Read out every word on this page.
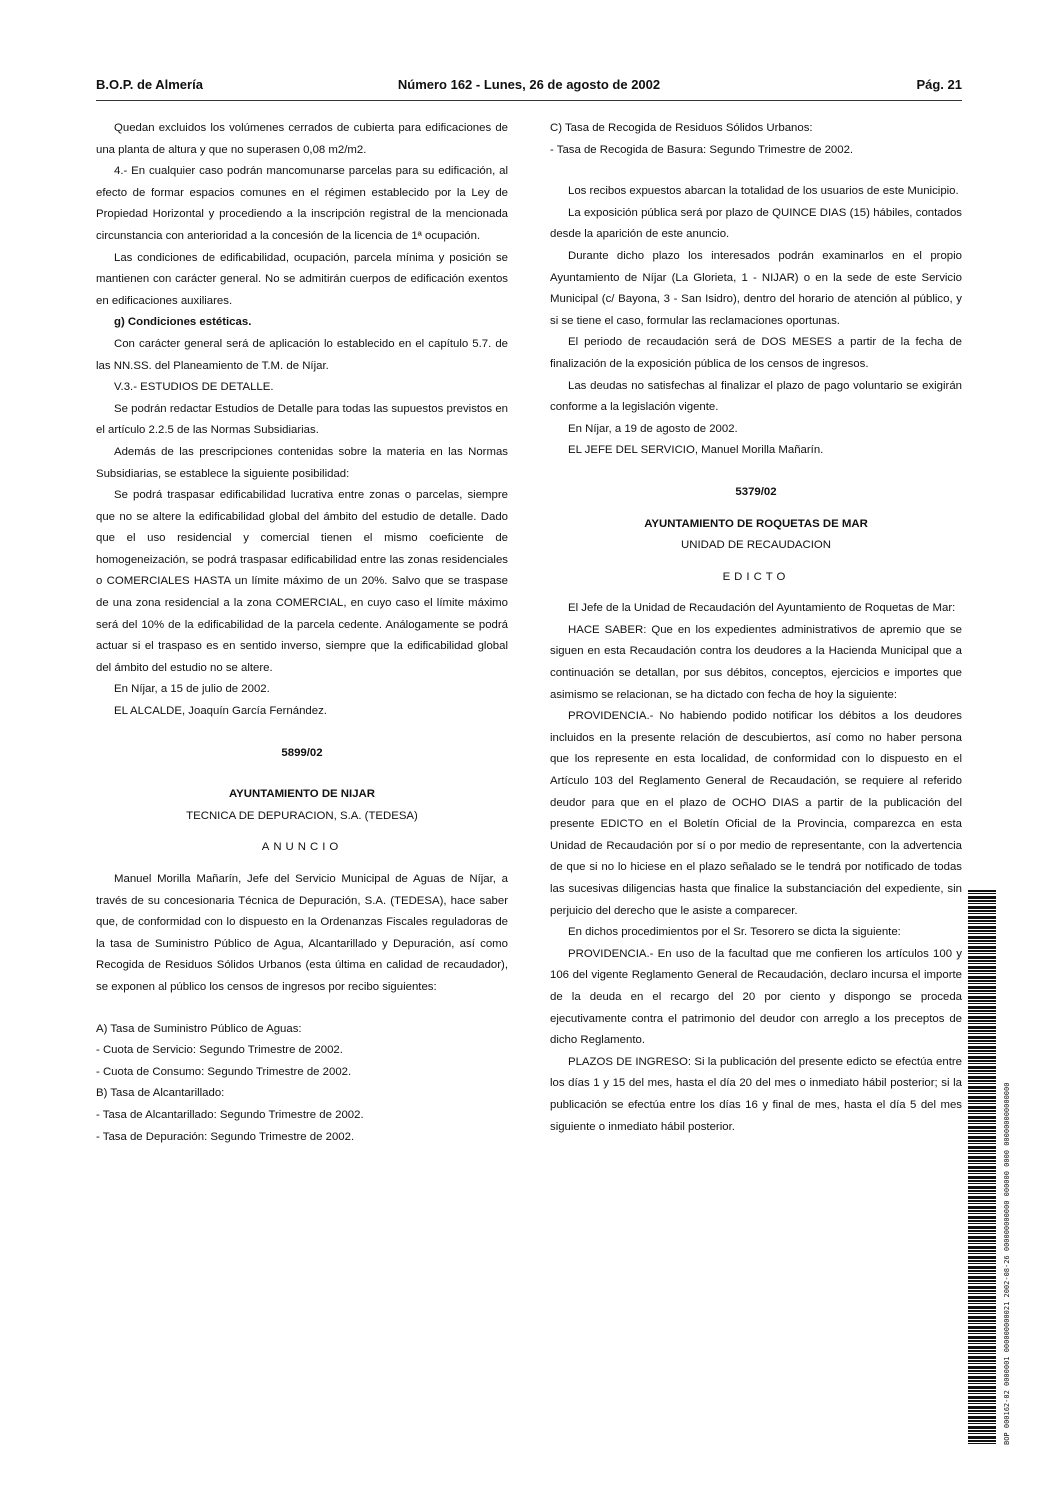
B.O.P. de Almería	Número 162 - Lunes, 26 de agosto de 2002	Pág. 21

Quedan excluidos los volúmenes cerrados de cubierta para edificaciones de una planta de altura y que no superasen 0,08 m2/m2.

4.- En cualquier caso podrán mancomunarse parcelas para su edificación, al efecto de formar espacios comunes en el régimen establecido por la Ley de Propiedad Horizontal y procediendo a la inscripción registral de la mencionada circunstancia con anterioridad a la concesión de la licencia de 1ª ocupación.

Las condiciones de edificabilidad, ocupación, parcela mínima y posición se mantienen con carácter general. No se admitirán cuerpos de edificación exentos en edificaciones auxiliares.

g) Condiciones estéticas.

Con carácter general será de aplicación lo establecido en el capítulo 5.7. de las NN.SS. del Planeamiento de T.M. de Níjar.

V.3.- ESTUDIOS DE DETALLE.

Se podrán redactar Estudios de Detalle para todas las supuestos previstos en el artículo 2.2.5 de las Normas Subsidiarias.

Además de las prescripciones contenidas sobre la materia en las Normas Subsidiarias, se establece la siguiente posibilidad:

Se podrá traspasar edificabilidad lucrativa entre zonas o parcelas, siempre que no se altere la edificabilidad global del ámbito del estudio de detalle. Dado que el uso residencial y comercial tienen el mismo coeficiente de homogeneización, se podrá traspasar edificabilidad entre las zonas residenciales o COMERCIALES HASTA un límite máximo de un 20%. Salvo que se traspase de una zona residencial a la zona COMERCIAL, en cuyo caso el límite máximo será del 10% de la edificabilidad de la parcela cedente. Análogamente se podrá actuar si el traspaso es en sentido inverso, siempre que la edificabilidad global del ámbito del estudio no se altere.

En Níjar, a 15 de julio de 2002.

EL ALCALDE, Joaquín García Fernández.

5899/02

AYUNTAMIENTO DE NIJAR

TECNICA DE DEPURACION, S.A. (TEDESA)

ANUNCIO

Manuel Morilla Mañarín, Jefe del Servicio Municipal de Aguas de Níjar, a través de su concesionaria Técnica de Depuración, S.A. (TEDESA), hace saber que, de conformidad con lo dispuesto en la Ordenanzas Fiscales reguladoras de la tasa de Suministro Público de Agua, Alcantarillado y Depuración, así como Recogida de Residuos Sólidos Urbanos (esta última en calidad de recaudador), se exponen al público los censos de ingresos por recibo siguientes:

A) Tasa de Suministro Público de Aguas:

- Cuota de Servicio: Segundo Trimestre de 2002.

- Cuota de Consumo: Segundo Trimestre de 2002.

B) Tasa de Alcantarillado:

- Tasa de Alcantarillado: Segundo Trimestre de 2002.

- Tasa de Depuración: Segundo Trimestre de 2002.

C) Tasa de Recogida de Residuos Sólidos Urbanos:

- Tasa de Recogida de Basura: Segundo Trimestre de 2002.

Los recibos expuestos abarcan la totalidad de los usuarios de este Municipio.

La exposición pública será por plazo de QUINCE DIAS (15) hábiles, contados desde la aparición de este anuncio.

Durante dicho plazo los interesados podrán examinarlos en el propio Ayuntamiento de Níjar (La Glorieta, 1 - NIJAR) o en la sede de este Servicio Municipal (c/ Bayona, 3 - San Isidro), dentro del horario de atención al público, y si se tiene el caso, formular las reclamaciones oportunas.

El periodo de recaudación será de DOS MESES a partir de la fecha de finalización de la exposición pública de los censos de ingresos.

Las deudas no satisfechas al finalizar el plazo de pago voluntario se exigirán conforme a la legislación vigente.

En Níjar, a 19 de agosto de 2002.

EL JEFE DEL SERVICIO, Manuel Morilla Mañarín.

5379/02

AYUNTAMIENTO DE ROQUETAS DE MAR

UNIDAD DE RECAUDACION

EDICTO

El Jefe de la Unidad de Recaudación del Ayuntamiento de Roquetas de Mar:

HACE SABER: Que en los expedientes administrativos de apremio que se siguen en esta Recaudación contra los deudores a la Hacienda Municipal que a continuación se detallan, por sus débitos, conceptos, ejercicios e importes que asimismo se relacionan, se ha dictado con fecha de hoy la siguiente:

PROVIDENCIA.- No habiendo podido notificar los débitos a los deudores incluidos en la presente relación de descubiertos, así como no haber persona que los represente en esta localidad, de conformidad con lo dispuesto en el Artículo 103 del Reglamento General de Recaudación, se requiere al referido deudor para que en el plazo de OCHO DIAS a partir de la publicación del presente EDICTO en el Boletín Oficial de la Provincia, comparezca en esta Unidad de Recaudación por sí o por medio de representante, con la advertencia de que si no lo hiciese en el plazo señalado se le tendrá por notificado de todas las sucesivas diligencias hasta que finalice la substanciación del expediente, sin perjuicio del derecho que le asiste a comparecer.

En dichos procedimientos por el Sr. Tesorero se dicta la siguiente:

PROVIDENCIA.- En uso de la facultad que me confieren los artículos 100 y 106 del vigente Reglamento General de Recaudación, declaro incursa el importe de la deuda en el recargo del 20 por ciento y dispongo se proceda ejecutivamente contra el patrimonio del deudor con arreglo a los preceptos de dicho Reglamento.

PLAZOS DE INGRESO: Si la publicación del presente edicto se efectúa entre los días 1 y 15 del mes, hasta el día 20 del mes o inmediato hábil posterior; si la publicación se efectúa entre los días 16 y final de mes, hasta el día 5 del mes siguiente o inmediato hábil posterior.	BOP 000162-02 0000001 000000000021 2002-08-26 000000000000 000000 0000 000000000000000
